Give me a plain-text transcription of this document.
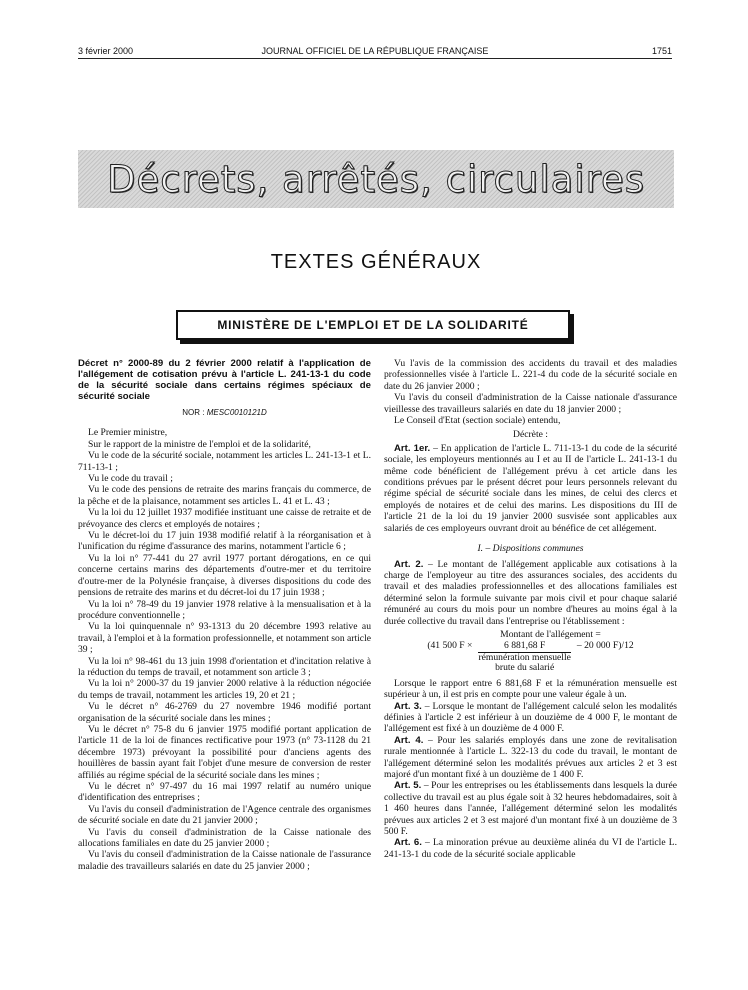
3 février 2000	JOURNAL OFFICIEL DE LA RÉPUBLIQUE FRANÇAISE	1751
Décrets, arrêtés, circulaires
TEXTES GÉNÉRAUX
MINISTÈRE DE L'EMPLOI ET DE LA SOLIDARITÉ

Décret n° 2000-89 du 2 février 2000 relatif à l'application de l'allégement de cotisation prévu à l'article L. 241-13-1 du code de la sécurité sociale dans certains régimes spéciaux de sécurité sociale

NOR : MESC0010121D

Le Premier ministre,

Sur le rapport de la ministre de l'emploi et de la solidarité,

Vu le code de la sécurité sociale, notamment les articles L. 241-13-1 et L. 711-13-1 ;

Vu le code du travail ;

Vu le code des pensions de retraite des marins français du commerce, de la pêche et de la plaisance, notamment ses articles L. 41 et L. 43 ;

Vu la loi du 12 juillet 1937 modifiée instituant une caisse de retraite et de prévoyance des clercs et employés de notaires ;

Vu le décret-loi du 17 juin 1938 modifié relatif à la réorganisation et à l'unification du régime d'assurance des marins, notamment l'article 6 ;

Vu la loi n° 77-441 du 27 avril 1977 portant dérogations, en ce qui concerne certains marins des départements d'outre-mer et du territoire d'outre-mer de la Polynésie française, à diverses dispositions du code des pensions de retraite des marins et du décret-loi du 17 juin 1938 ;

Vu la loi n° 78-49 du 19 janvier 1978 relative à la mensualisation et à la procédure conventionnelle ;

Vu la loi quinquennale n° 93-1313 du 20 décembre 1993 relative au travail, à l'emploi et à la formation professionnelle, et notamment son article 39 ;

Vu la loi n° 98-461 du 13 juin 1998 d'orientation et d'incitation relative à la réduction du temps de travail, et notamment son article 3 ;

Vu la loi n° 2000-37 du 19 janvier 2000 relative à la réduction négociée du temps de travail, notamment les articles 19, 20 et 21 ;

Vu le décret n° 46-2769 du 27 novembre 1946 modifié portant organisation de la sécurité sociale dans les mines ;

Vu le décret n° 75-8 du 6 janvier 1975 modifié portant application de l'article 11 de la loi de finances rectificative pour 1973 (n° 73-1128 du 21 décembre 1973) prévoyant la possibilité pour d'anciens agents des houillères de bassin ayant fait l'objet d'une mesure de conversion de rester affiliés au régime spécial de la sécurité sociale dans les mines ;

Vu le décret n° 97-497 du 16 mai 1997 relatif au numéro unique d'identification des entreprises ;

Vu l'avis du conseil d'administration de l'Agence centrale des organismes de sécurité sociale en date du 21 janvier 2000 ;

Vu l'avis du conseil d'administration de la Caisse nationale des allocations familiales en date du 25 janvier 2000 ;

Vu l'avis du conseil d'administration de la Caisse nationale de l'assurance maladie des travailleurs salariés en date du 25 janvier 2000 ;

Vu l'avis de la commission des accidents du travail et des maladies professionnelles visée à l'article L. 221-4 du code de la sécurité sociale en date du 26 janvier 2000 ;

Vu l'avis du conseil d'administration de la Caisse nationale d'assurance vieillesse des travailleurs salariés en date du 18 janvier 2000 ;

Le Conseil d'Etat (section sociale) entendu,

Décrète :

Art. 1er. – En application de l'article L. 711-13-1 du code de la sécurité sociale, les employeurs mentionnés au I et au II de l'article L. 241-13-1 du même code bénéficient de l'allégement prévu à cet article dans les conditions prévues par le présent décret pour leurs personnels relevant du régime spécial de sécurité sociale dans les mines, de celui des clercs et employés de notaires et de celui des marins. Les dispositions du III de l'article 21 de la loi du 19 janvier 2000 susvisée sont applicables aux salariés de ces employeurs ouvrant droit au bénéfice de cet allégement.

I. – Dispositions communes

Art. 2. – Le montant de l'allégement applicable aux cotisations à la charge de l'employeur au titre des assurances sociales, des accidents du travail et des maladies professionnelles et des allocations familiales est déterminé selon la formule suivante par mois civil et pour chaque salarié rémunéré au cours du mois pour un nombre d'heures au moins égal à la durée collective du travail dans l'entreprise ou l'établissement :

Montant de l'allégement =
(41 500 F ×	6 881,68 F
rémunération mensuelle
brute du salarié
– 20 000 F)/12

Lorsque le rapport entre 6 881,68 F et la rémunération mensuelle est supérieur à un, il est pris en compte pour une valeur égale à un.

Art. 3. – Lorsque le montant de l'allégement calculé selon les modalités définies à l'article 2 est inférieur à un douzième de 4 000 F, le montant de l'allégement est fixé à un douzième de 4 000 F.

Art. 4. – Pour les salariés employés dans une zone de revitalisation rurale mentionnée à l'article L. 322-13 du code du travail, le montant de l'allégement déterminé selon les modalités prévues aux articles 2 et 3 est majoré d'un montant fixé à un douzième de 1 400 F.

Art. 5. – Pour les entreprises ou les établissements dans lesquels la durée collective du travail est au plus égale soit à 32 heures hebdomadaires, soit à 1 460 heures dans l'année, l'allégement déterminé selon les modalités prévues aux articles 2 et 3 est majoré d'un montant fixé à un douzième de 3 500 F.

Art. 6. – La minoration prévue au deuxième alinéa du VI de l'article L. 241-13-1 du code de la sécurité sociale applicable
